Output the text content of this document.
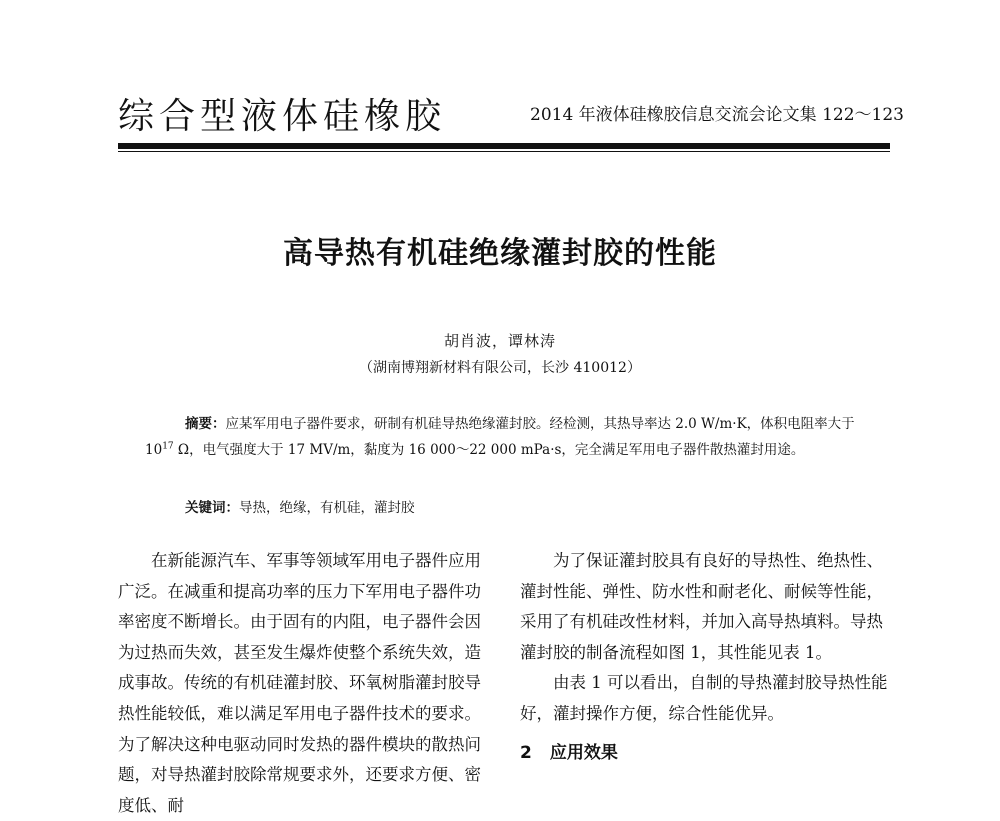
综合型液体硅橡胶	2014 年液体硅橡胶信息交流会论文集 122～123
高导热有机硅绝缘灌封胶的性能
胡肖波，谭林涛
（湖南博翔新材料有限公司，长沙 410012）
摘要：应某军用电子器件要求，研制有机硅导热绝缘灌封胶。经检测，其热导率达 2.0 W/m·K，体积电阻率大于 $10^{17}$ Ω，电气强度大于 17 MV/m，黏度为 16 000～22 000 mPa·s，完全满足军用电子器件散热灌封用途。
关键词：导热，绝缘，有机硅，灌封胶

在新能源汽车、军事等领域军用电子器件应用广泛。在减重和提高功率的压力下军用电子器件功率密度不断增长。由于固有的内阻，电子器件会因为过热而失效，甚至发生爆炸使整个系统失效，造成事故。传统的有机硅灌封胶、环氧树脂灌封胶导热性能较低，难以满足军用电子器件技术的要求。为了解决这种电驱动同时发热的器件模块的散热问题，对导热灌封胶除常规要求外，还要求方便、密度低、耐

为了保证灌封胶具有良好的导热性、绝热性、灌封性能、弹性、防水性和耐老化、耐候等性能，采用了有机硅改性材料，并加入高导热填料。导热灌封胶的制备流程如图 1，其性能见表 1。

由表 1 可以看出，自制的导热灌封胶导热性能好，灌封操作方便，综合性能优异。

2 应用效果
